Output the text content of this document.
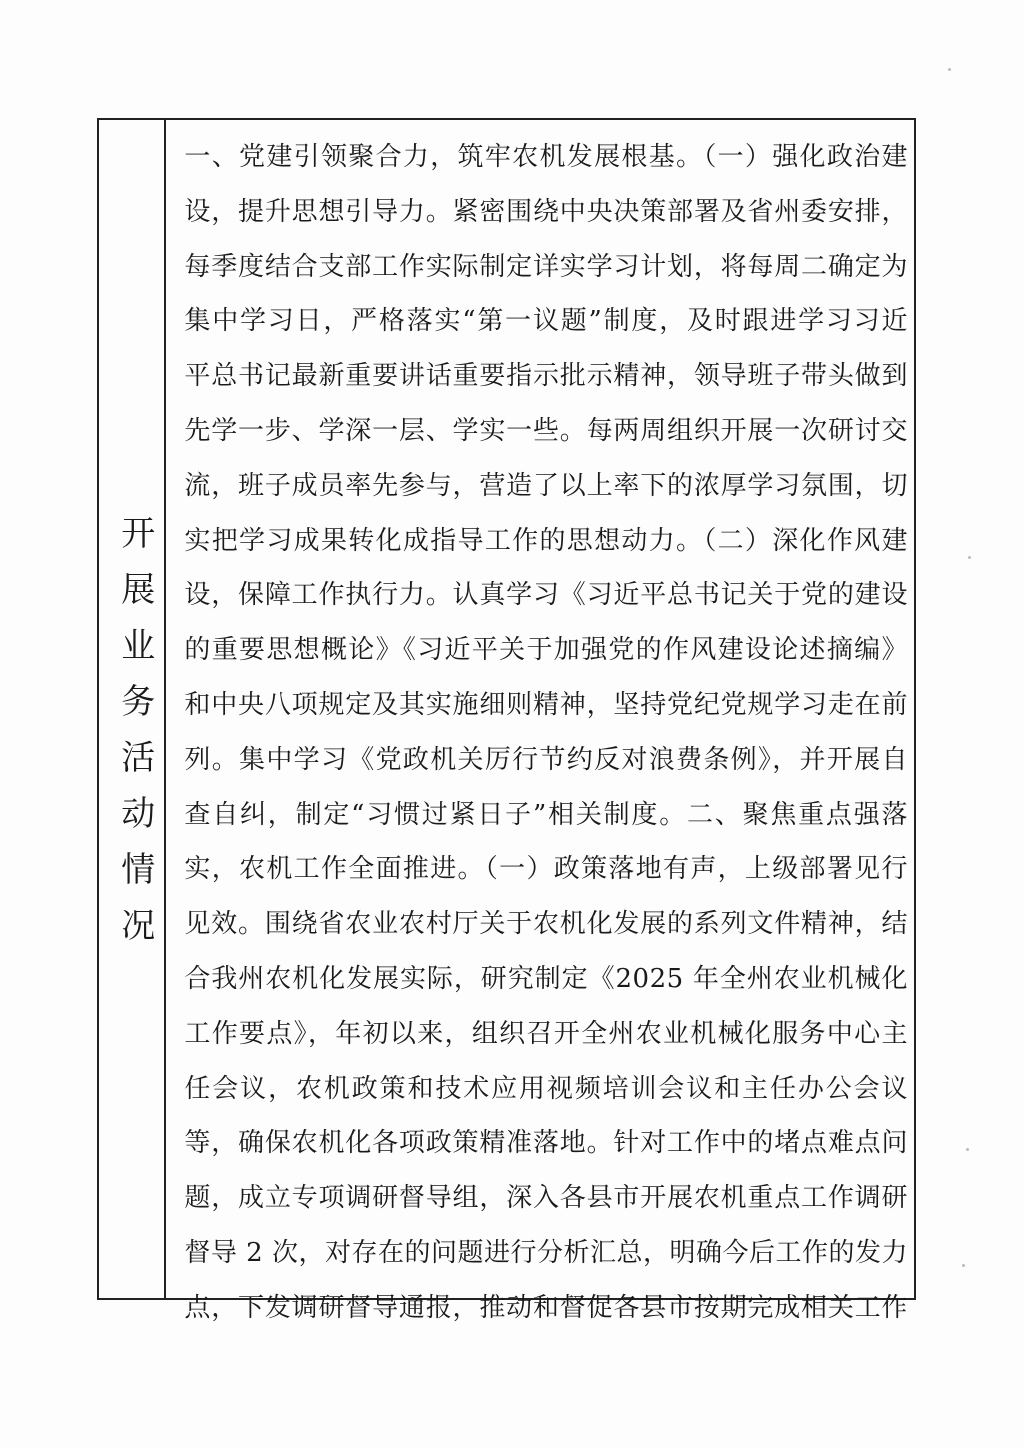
开展业务活动情况
一、党建引领聚合力，筑牢农机发展根基。（一）强化政治建
设，提升思想引导力。紧密围绕中央决策部署及省州委安排，
每季度结合支部工作实际制定详实学习计划，将每周二确定为
集中学习日，严格落实“第一议题”制度，及时跟进学习习近
平总书记最新重要讲话重要指示批示精神，领导班子带头做到
先学一步、学深一层、学实一些。每两周组织开展一次研讨交
流，班子成员率先参与，营造了以上率下的浓厚学习氛围，切
实把学习成果转化成指导工作的思想动力。（二）深化作风建
设，保障工作执行力。认真学习《习近平总书记关于党的建设
的重要思想概论》《习近平关于加强党的作风建设论述摘编》
和中央八项规定及其实施细则精神，坚持党纪党规学习走在前
列。集中学习《党政机关厉行节约反对浪费条例》，并开展自
查自纠，制定“习惯过紧日子”相关制度。二、聚焦重点强落
实，农机工作全面推进。（一）政策落地有声，上级部署见行
见效。围绕省农业农村厅关于农机化发展的系列文件精神，结
合我州农机化发展实际，研究制定《2025 年全州农业机械化
工作要点》，年初以来，组织召开全州农业机械化服务中心主
任会议，农机政策和技术应用视频培训会议和主任办公会议
等，确保农机化各项政策精准落地。针对工作中的堵点难点问
题，成立专项调研督导组，深入各县市开展农机重点工作调研
督导 2 次，对存在的问题进行分析汇总，明确今后工作的发力
点，下发调研督导通报，推动和督促各县市按期完成相关工作
